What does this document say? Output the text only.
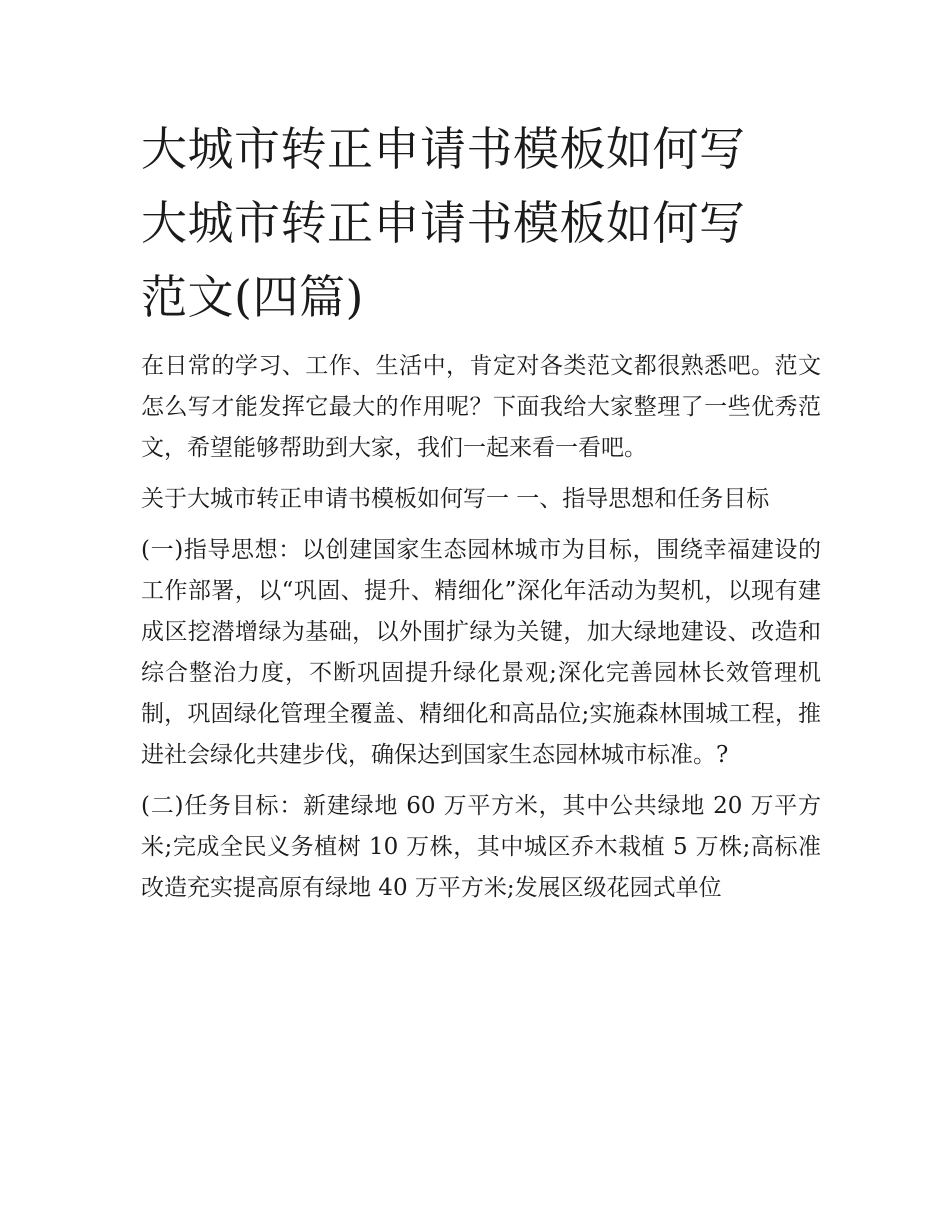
大城市转正申请书模板如何写
大城市转正申请书模板如何写
范文(四篇)

在日常的学习、工作、生活中，肯定对各类范文都很熟悉吧。范文怎么写才能发挥它最大的作用呢？下面我给大家整理了一些优秀范文，希望能够帮助到大家，我们一起来看一看吧。

关于大城市转正申请书模板如何写一 一、指导思想和任务目标

(一)指导思想：以创建国家生态园林城市为目标，围绕幸福建设的工作部署，以“巩固、提升、精细化”深化年活动为契机，以现有建成区挖潜增绿为基础，以外围扩绿为关键，加大绿地建设、改造和综合整治力度，不断巩固提升绿化景观;深化完善园林长效管理机制，巩固绿化管理全覆盖、精细化和高品位;实施森林围城工程，推进社会绿化共建步伐，确保达到国家生态园林城市标准。?

(二)任务目标：新建绿地 60 万平方米，其中公共绿地 20 万平方米;完成全民义务植树 10 万株，其中城区乔木栽植 5 万株;高标准改造充实提高原有绿地 40 万平方米;发展区级花园式单位
